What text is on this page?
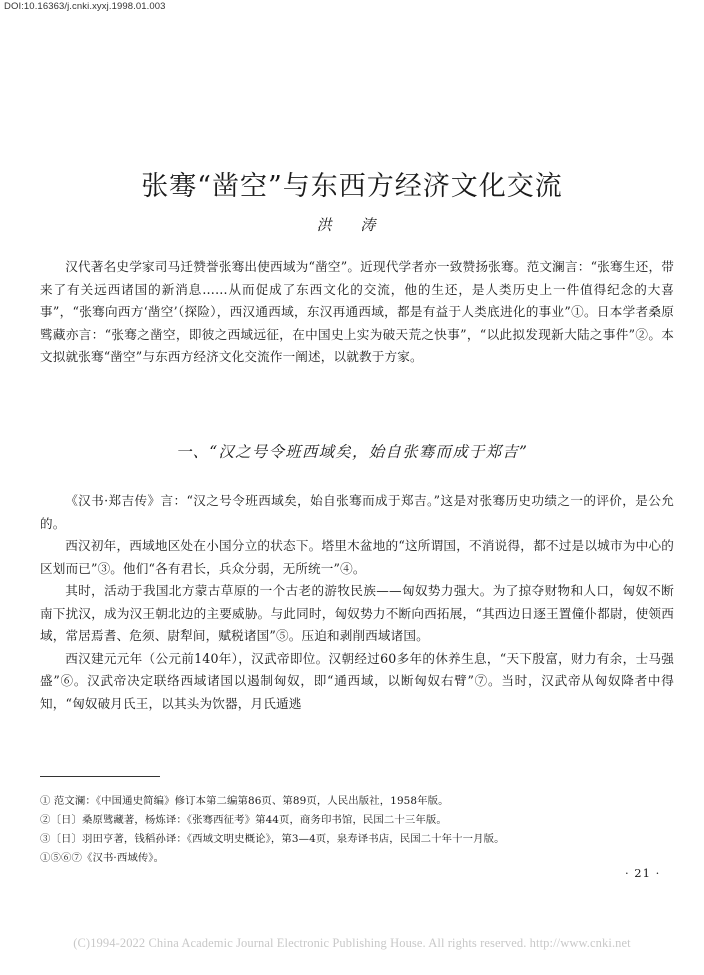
DOI:10.16363/j.cnki.xyxj.1998.01.003
张骞“凿空”与东西方经济文化交流
洪 涛

汉代著名史学家司马迁赞誉张骞出使西域为“凿空”。近现代学者亦一致赞扬张骞。范文澜言：“张骞生还，带来了有关远西诸国的新消息……从而促成了东西文化的交流，他的生还，是人类历史上一件值得纪念的大喜事”，“张骞向西方‘凿空’（探险），西汉通西域，东汉再通西域，都是有益于人类底进化的事业”①。日本学者桑原骘藏亦言：“张骞之凿空，即彼之西域远征，在中国史上实为破天荒之快事”，“以此拟发现新大陆之事件”②。本文拟就张骞“凿空”与东西方经济文化交流作一阐述，以就教于方家。

一、“汉之号令班西域矣，始自张骞而成于郑吉”

《汉书·郑吉传》言：“汉之号令班西域矣，始自张骞而成于郑吉。”这是对张骞历史功绩之一的评价，是公允的。

西汉初年，西域地区处在小国分立的状态下。塔里木盆地的“这所谓国，不消说得，都不过是以城市为中心的区划而已”③。他们“各有君长，兵众分弱，无所统一”④。

其时，活动于我国北方蒙古草原的一个古老的游牧民族——匈奴势力强大。为了掠夺财物和人口，匈奴不断南下扰汉，成为汉王朝北边的主要威胁。与此同时，匈奴势力不断向西拓展，“其西边日逐王置僮仆都尉，使领西域，常居焉耆、危须、尉犁间，赋税诸国”⑤。压迫和剥削西域诸国。

西汉建元元年（公元前140年），汉武帝即位。汉朝经过60多年的休养生息，“天下殷富，财力有余，士马强盛”⑥。汉武帝决定联络西域诸国以遏制匈奴，即“通西域，以断匈奴右臂”⑦。当时，汉武帝从匈奴降者中得知，“匈奴破月氏王，以其头为饮器，月氏遁逃

① 范文澜：《中国通史简编》修订本第二编第86页、第89页，人民出版社，1958年版。

②〔日〕桑原骘藏著，杨炼译：《张骞西征考》第44页，商务印书馆，民国二十三年版。

③〔日〕羽田亨著，钱稻孙译：《西域文明史概论》，第3—4页，泉寿译书店，民国二十年十一月版。

①⑤⑥⑦《汉书·西域传》。

· 21 ·
(C)1994-2022 China Academic Journal Electronic Publishing House. All rights reserved. http://www.cnki.net
